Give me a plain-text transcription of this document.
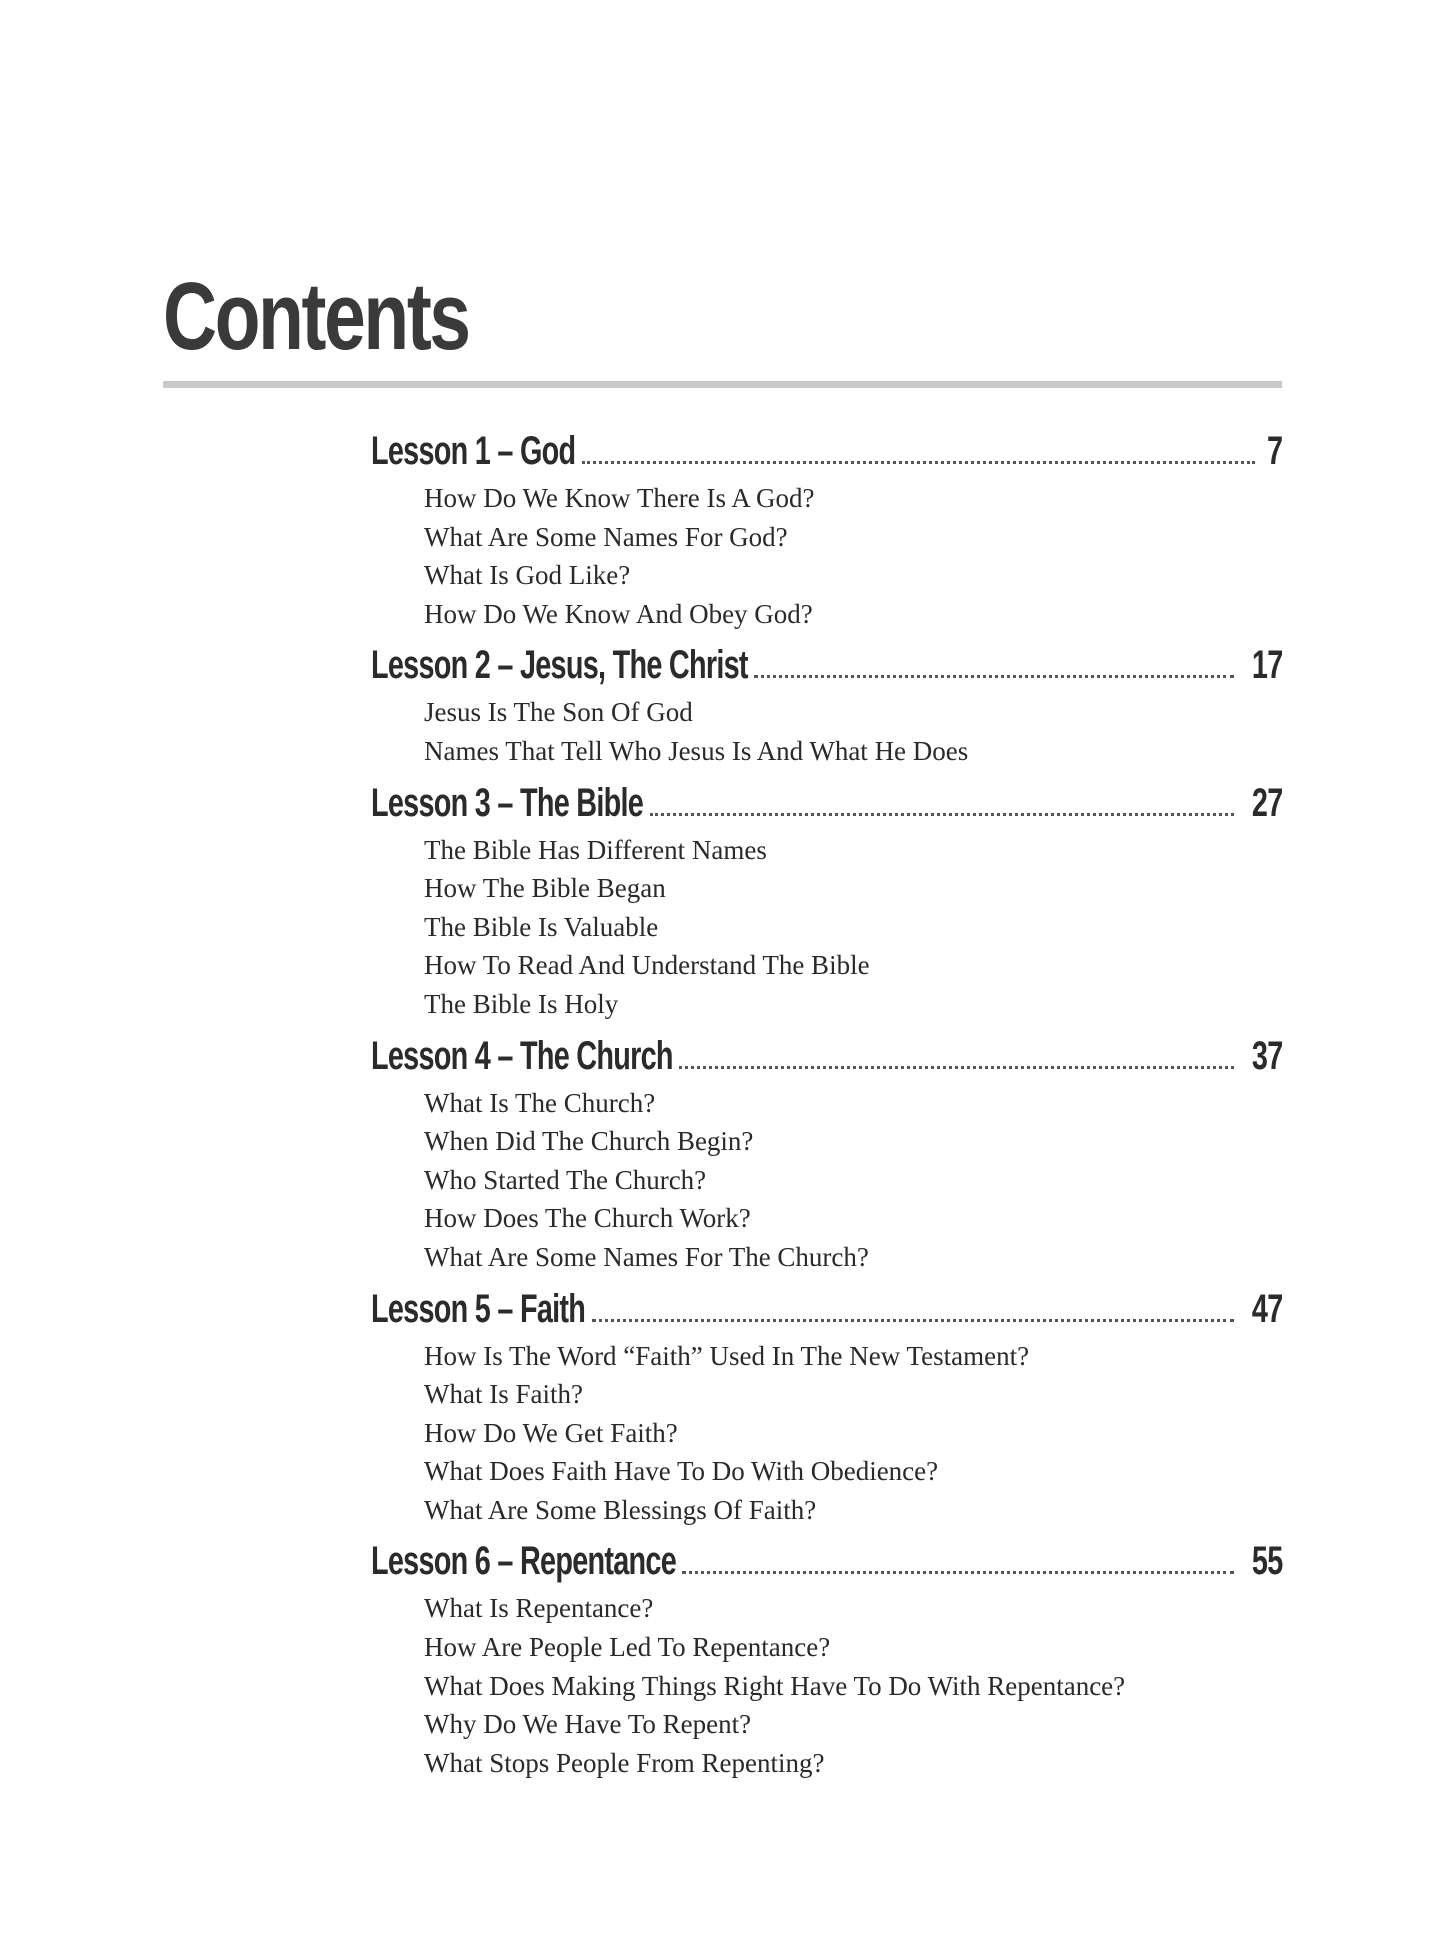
Contents
Lesson 1 – God	7
How Do We Know There Is A God?
What Are Some Names For God?
What Is God Like?
How Do We Know And Obey God?
Lesson 2 – Jesus, The Christ	17
Jesus Is The Son Of God
Names That Tell Who Jesus Is And What He Does
Lesson 3 – The Bible	27
The Bible Has Different Names
How The Bible Began
The Bible Is Valuable
How To Read And Understand The Bible
The Bible Is Holy
Lesson 4 – The Church	37
What Is The Church?
When Did The Church Begin?
Who Started The Church?
How Does The Church Work?
What Are Some Names For The Church?
Lesson 5 – Faith	47
How Is The Word “Faith” Used In The New Testament?
What Is Faith?
How Do We Get Faith?
What Does Faith Have To Do With Obedience?
What Are Some Blessings Of Faith?
Lesson 6 – Repentance	55
What Is Repentance?
How Are People Led To Repentance?
What Does Making Things Right Have To Do With Repentance?
Why Do We Have To Repent?
What Stops People From Repenting?
